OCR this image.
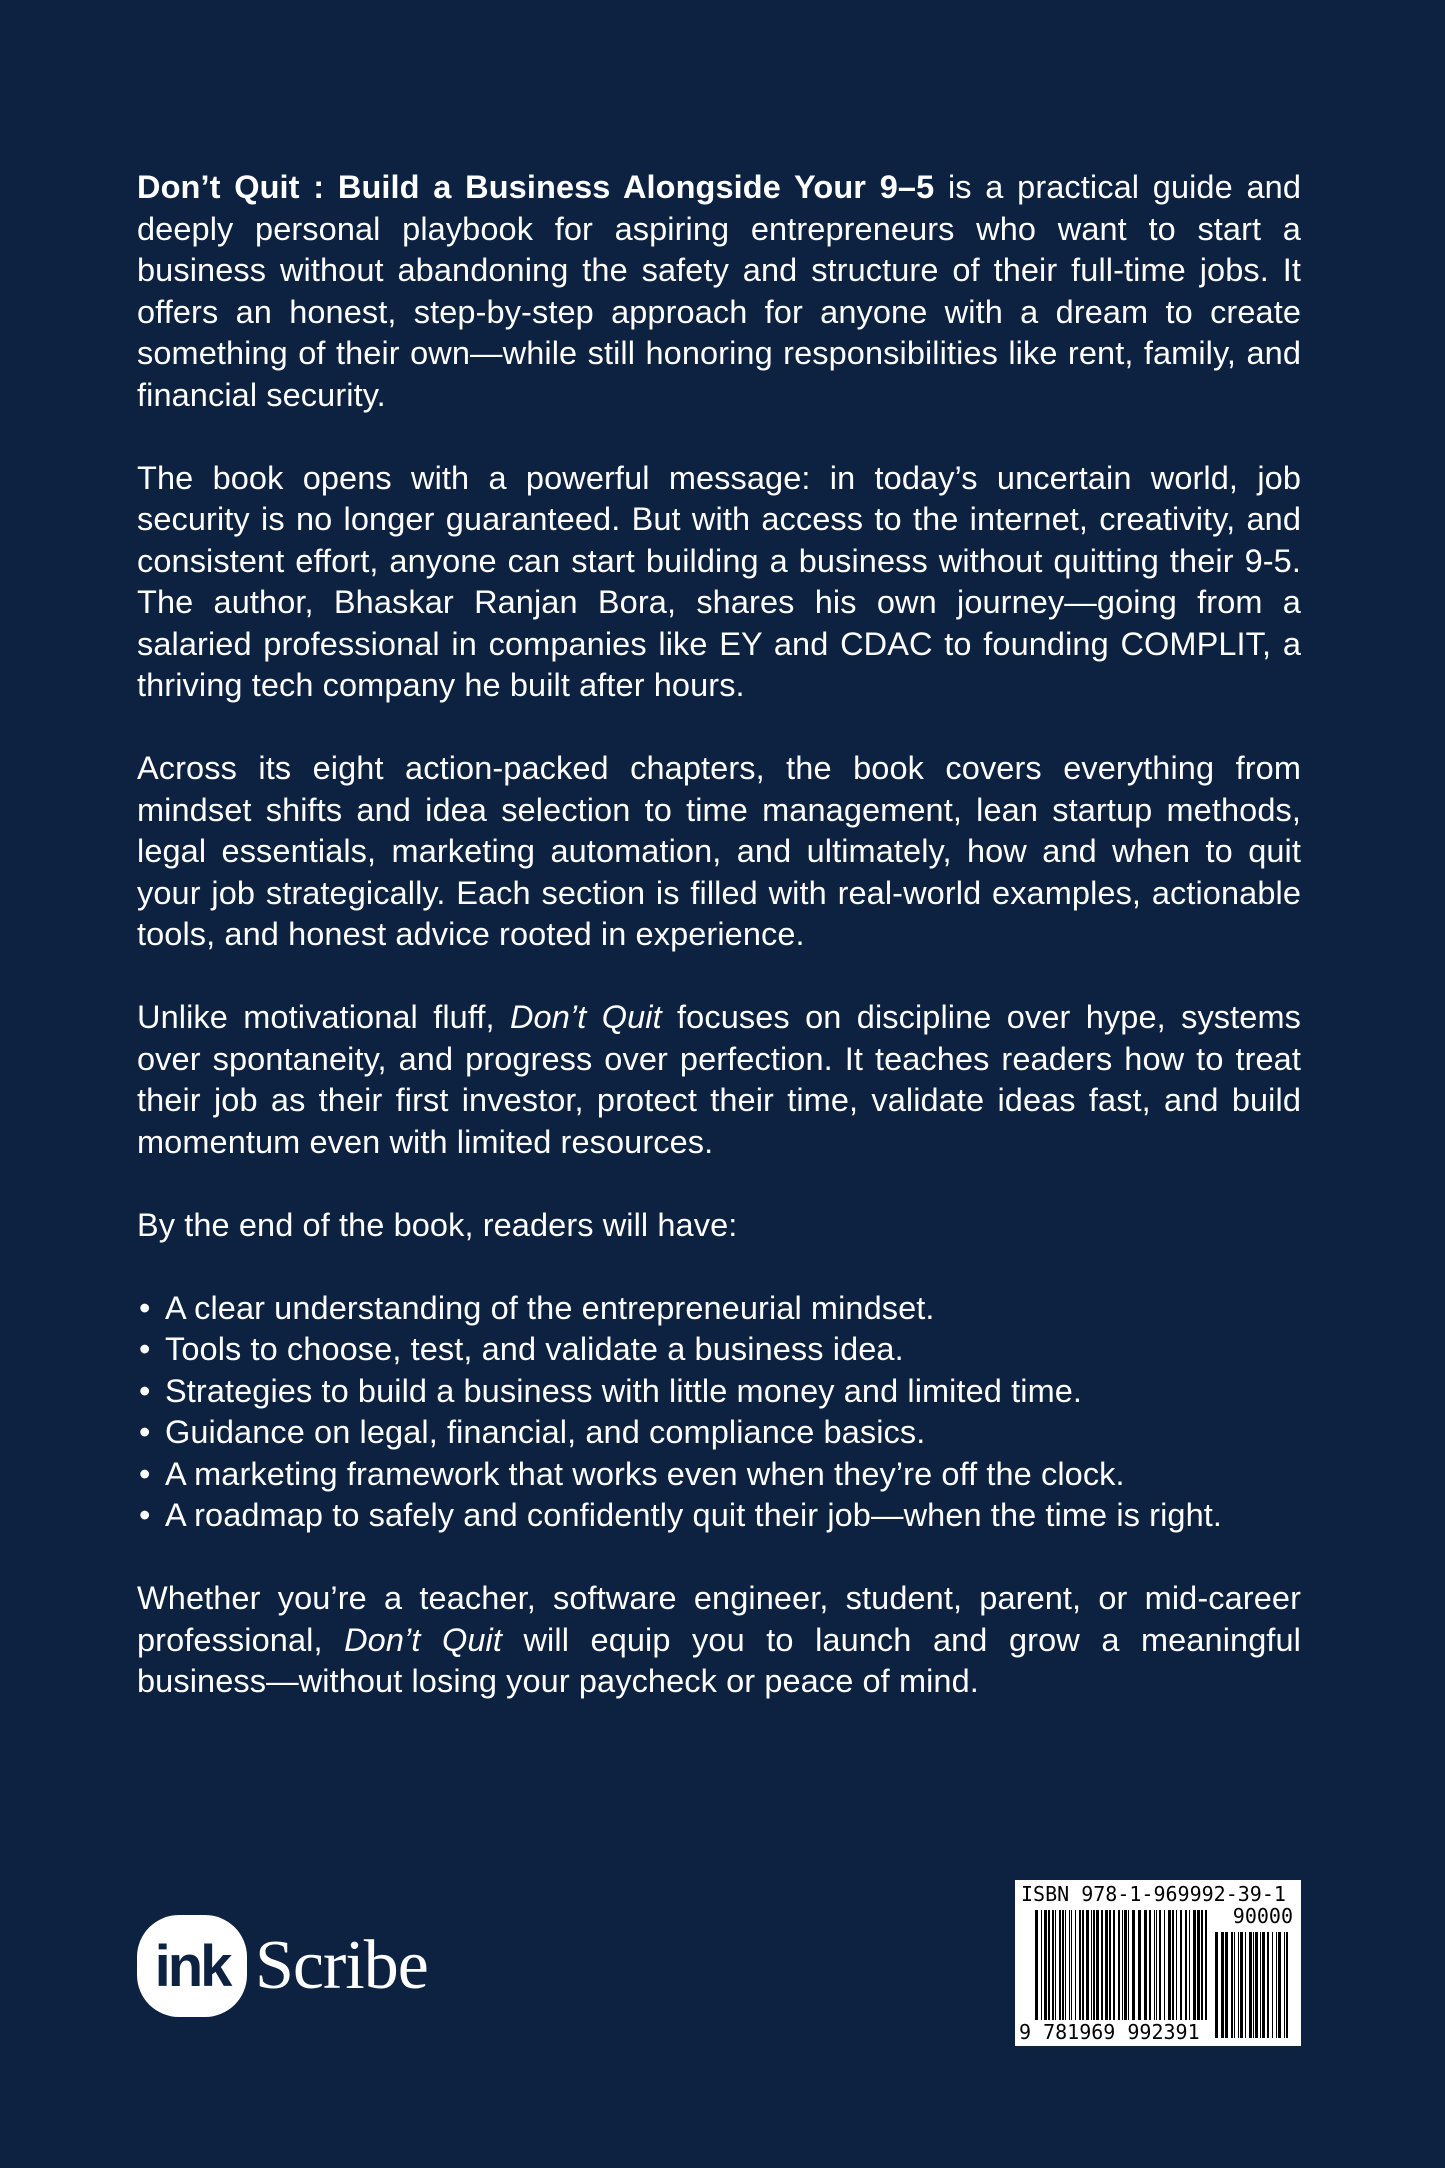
Don’t Quit : Build a Business Alongside Your 9–5 is a practical guide and deeply personal playbook for aspiring entrepreneurs who want to start a business without abandoning the safety and structure of their full-time jobs. It offers an honest, step-by-step approach for anyone with a dream to create something of their own—while still honoring responsibilities like rent, family, and financial security.

The book opens with a powerful message: in today’s uncertain world, job security is no longer guaranteed. But with access to the internet, creativity, and consistent effort, anyone can start building a business without quitting their 9-5. The author, Bhaskar Ranjan Bora, shares his own journey—going from a salaried professional in companies like EY and CDAC to founding COMPLIT, a thriving tech company he built after hours.

Across its eight action-packed chapters, the book covers everything from mindset shifts and idea selection to time management, lean startup methods, legal essentials, marketing automation, and ultimately, how and when to quit your job strategically. Each section is filled with real-world examples, actionable tools, and honest advice rooted in experience.

Unlike motivational fluff, Don’t Quit focuses on discipline over hype, systems over spontaneity, and progress over perfection. It teaches readers how to treat their job as their first investor, protect their time, validate ideas fast, and build momentum even with limited resources.

By the end of the book, readers will have:

• A clear understanding of the entrepreneurial mindset.
• Tools to choose, test, and validate a business idea.
• Strategies to build a business with little money and limited time.
• Guidance on legal, financial, and compliance basics.
• A marketing framework that works even when they’re off the clock.
• A roadmap to safely and confidently quit their job—when the time is right.

Whether you’re a teacher, software engineer, student, parent, or mid-career professional, Don’t Quit will equip you to launch and grow a meaningful business—without losing your paycheck or peace of mind.

ink Scribe
ISBN 978-1-969992-39-1
90000
9 781969 992391
